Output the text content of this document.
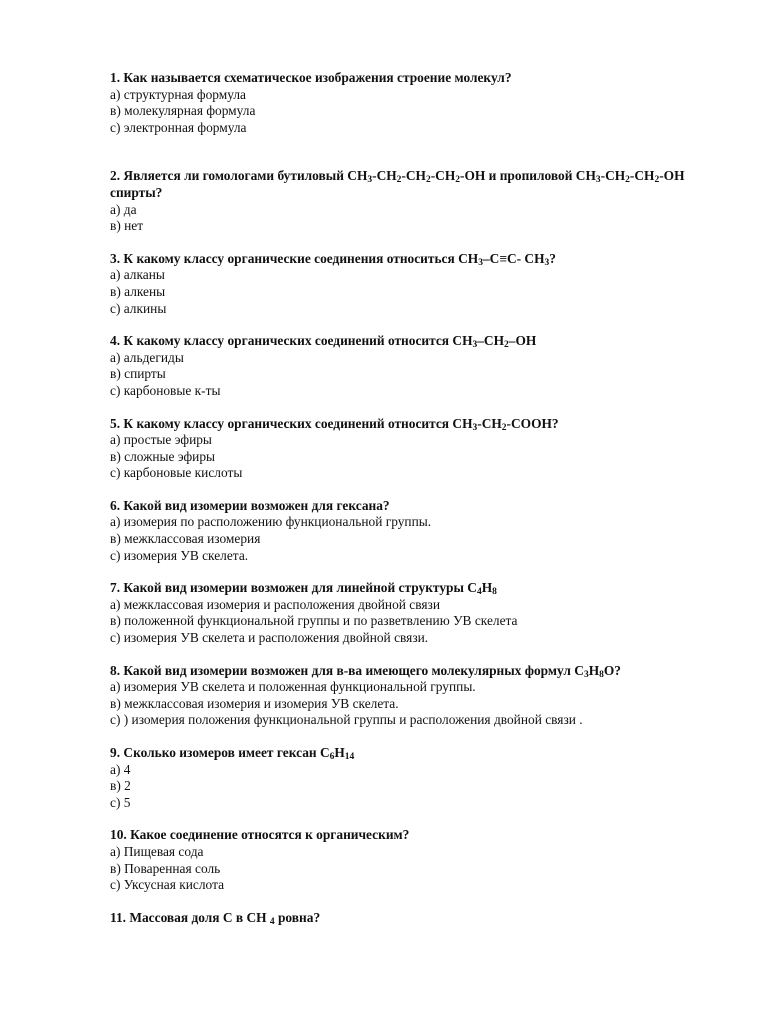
1. Как называется схематическое изображения строение молекул?

а) структурная формула

в) молекулярная формула

с) электронная формула

2. Является ли гомологами бутиловый $CH_3-CH_2-CH_2-CH_2-OH$ и пропиловой $CH_3-CH_2-CH_2-OH$ спирты?

а) да

в) нет

3. К какому классу органические соединения относиться $CH_3-C\equiv C-$ $CH_3$?

а) алканы

в) алкены

с) алкины

4. К какому классу органических соединений относится $CH_3-CH_2-OH$

а) альдегиды

в) спирты

с) карбоновые к-ты

5. К какому классу органических соединений относится $CH_3-CH_2$-COOH?

а) простые эфиры

в) сложные эфиры

с) карбоновые кислоты

6. Какой вид изомерии возможен для гексана?

а) изомерия по расположению функциональной группы.

в) межклассовая изомерия

с) изомерия УВ скелета.

7. Какой вид изомерии возможен для линейной структуры $C_4H_8$

а) межклассовая изомерия и расположения двойной связи

в) положенной функциональной группы и по разветвлению УВ скелета

с) изомерия УВ скелета и расположения двойной связи.

8. Какой вид изомерии возможен для в-ва имеющего молекулярных формул $C_3H_8O$?

а) изомерия УВ скелета и положенная функциональной группы.

в) межклассовая изомерия и изомерия УВ скелета.

с) ) изомерия положения функциональной группы и расположения двойной связи .

9. Сколько изомеров имеет гексан $C_6H_{14}$

а) 4

в) 2

с) 5

10. Какое соединение относятся к органическим?

а) Пищевая сода

в) Поваренная соль

с) Уксусная кислота

11. Массовая доля C в CH $_4$ ровна?
